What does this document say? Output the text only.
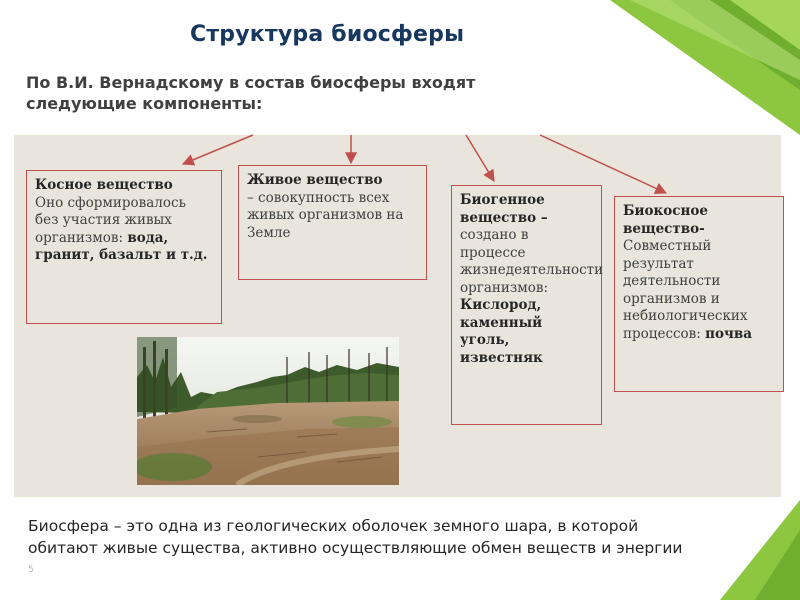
Структура биосферы
По В.И. Вернадскому в состав биосферы входят следующие компоненты:
Косное вещество
Оно сформировалось без участия живых организмов: вода, гранит, базальт и т.д.
Живое вещество
– совокупность всех живых организмов на Земле
Биогенное вещество –
создано в процессе жизнедеятельности организмов: Кислород, каменный уголь, известняк
Биокосное вещество-
Совместный результат деятельности организмов и небиологических процессов: почва
Биосфера – это одна из геологических оболочек земного шара, в которой обитают живые существа, активно осуществляющие обмен веществ и энергии $^5$
